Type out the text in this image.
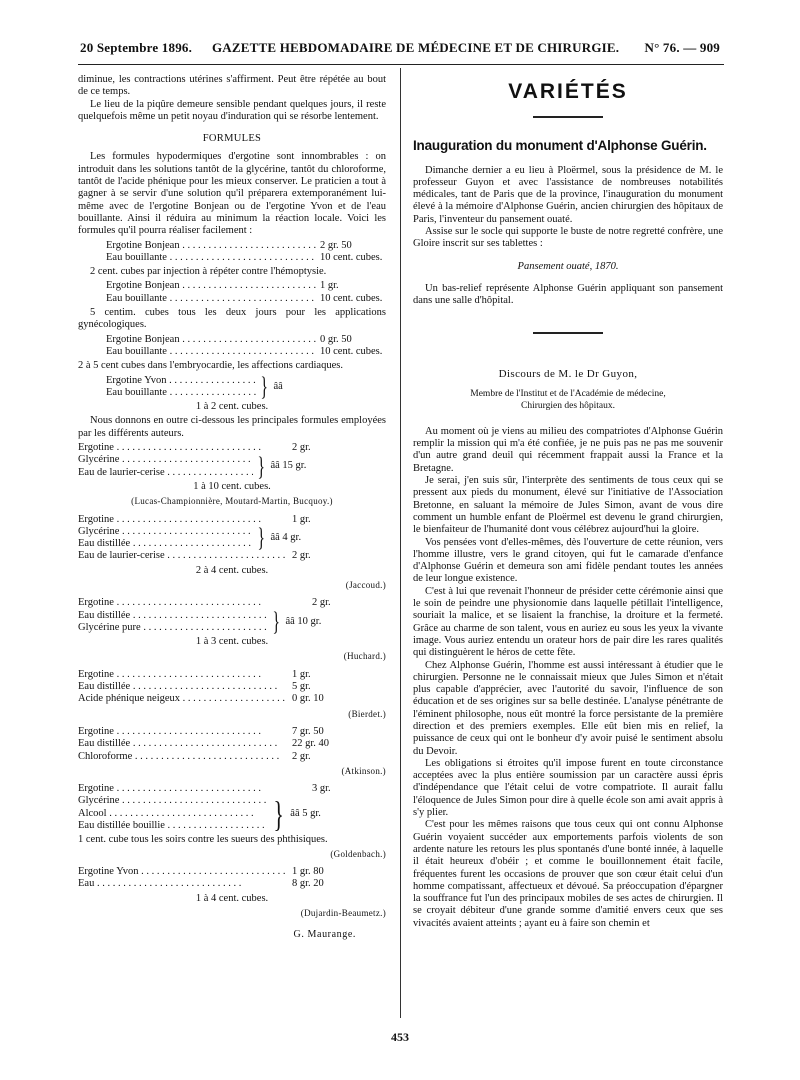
20 Septembre 1896. GAZETTE HEBDOMADAIRE DE MÉDECINE ET DE CHIRURGIE. N° 76. — 909

diminue, les contractions utérines s'affirment. Peut être répétée au bout de ce temps.

Le lieu de la piqûre demeure sensible pendant quelques jours, il reste quelquefois même un petit noyau d'induration qui se résorbe lentement.

FORMULES

Les formules hypodermiques d'ergotine sont innombrables : on introduit dans les solutions tantôt de la glycérine, tantôt du chloroforme, tantôt de l'acide phénique pour les mieux conserver. Le praticien a tout à gagner à se servir d'une solution qu'il préparera extemporanément lui-même avec de l'ergotine Bonjean ou de l'ergotine Yvon et de l'eau bouillante. Ainsi il réduira au minimum la réaction locale. Voici les formules qu'il pourra réaliser facilement :

Ergotine Bonjean . . .	2 gr. 50
Eau bouillante . . .	10 cent. cubes.

2 cent. cubes par injection à répéter contre l'hémoptysie.

Ergotine Bonjean . . .	1 gr.
Eau bouillante . . .	10 cent. cubes.

5 centim. cubes tous les deux jours pour les applications gynécologiques.

Ergotine Bonjean . . .	0 gr. 50
Eau bouillante . . .	10 cent. cubes.

2 à 5 cent cubes dans l'embryocardie, les affections cardiaques.

Ergotine Yvon . . .
Eau bouillante . . .	} ââ
1 à 2 cent. cubes.

Nous donnons en outre ci-dessous les principales formules employées par les différents auteurs.

Ergotine . . .	2 gr.
Glycérine . . .
Eau de laurier-cerise . . .	} ââ 15 gr.
1 à 10 cent. cubes.
(Lucas-Championnière, Moutard-Martin, Bucquoy.)
Ergotine . . .	1 gr.
Glycérine . . .
Eau distillée . . .	} ââ 4 gr.
Eau de laurier-cerise . . .	2 gr.
2 à 4 cent. cubes.
(Jaccoud.)
Ergotine . . .	2 gr.
Eau distillée . . .
Glycérine pure . . .	} ââ 10 gr.
1 à 3 cent. cubes.
(Huchard.)
Ergotine . . .	1 gr.
Eau distillée . . .	5 gr.
Acide phénique neigeux . . .	0 gr. 10
(Bierdet.)
Ergotine . . .	7 gr. 50
Eau distillée . . .	22 gr. 40
Chloroforme . . .	2 gr.
(Atkinson.)
Ergotine . . .	3 gr.
Glycérine . . .
Alcool . . .
Eau distillée bouillie . . .	} ââ 5 gr.

1 cent. cube tous les soirs contre les sueurs des phthisiques.

(Goldenbach.)
Ergotine Yvon . . .	1 gr. 80
Eau . . .	8 gr. 20
1 à 4 cent. cubes.
(Dujardin-Beaumetz.)
G. Maurange.
VARIÉTÉS
Inauguration du monument d'Alphonse Guérin.

Dimanche dernier a eu lieu à Ploërmel, sous la présidence de M. le professeur Guyon et avec l'assistance de nombreuses notabilités médicales, tant de Paris que de la province, l'inauguration du monument élevé à la mémoire d'Alphonse Guérin, ancien chirurgien des hôpitaux de Paris, l'inventeur du pansement ouaté.

Assise sur le socle qui supporte le buste de notre regretté confrère, une Gloire inscrit sur ses tablettes :

Pansement ouaté, 1870.

Un bas-relief représente Alphonse Guérin appliquant son pansement dans une salle d'hôpital.

Discours de M. le Dr Guyon,
Membre de l'Institut et de l'Académie de médecine,
Chirurgien des hôpitaux.

Au moment où je viens au milieu des compatriotes d'Alphonse Guérin remplir la mission qui m'a été confiée, je ne puis pas ne pas me souvenir d'un autre grand deuil qui récemment frappait aussi la France et la Bretagne.

Je serai, j'en suis sûr, l'interprète des sentiments de tous ceux qui se pressent aux pieds du monument, élevé sur l'initiative de l'Association Bretonne, en saluant la mémoire de Jules Simon, avant de vous dire comment un humble enfant de Ploërmel est devenu le grand chirurgien, le bienfaiteur de l'humanité dont vous célébrez aujourd'hui la gloire.

Vos pensées vont d'elles-mêmes, dès l'ouverture de cette réunion, vers l'homme illustre, vers le grand citoyen, qui fut le camarade d'enfance d'Alphonse Guérin et demeura son ami fidèle pendant toutes les années de leur longue existence.

C'est à lui que revenait l'honneur de présider cette cérémonie ainsi que le soin de peindre une physionomie dans laquelle pétillait l'intelligence, souriait la malice, et se lisaient la franchise, la droiture et la fermeté. Grâce au charme de son talent, vous en auriez eu sous les yeux la vivante image. Vous auriez entendu un orateur hors de pair dire les rares qualités qui distinguèrent le héros de cette fête.

Chez Alphonse Guérin, l'homme est aussi intéressant à étudier que le chirurgien. Personne ne le connaissait mieux que Jules Simon et n'était plus capable d'apprécier, avec l'autorité du savoir, l'influence de son éducation et de ses origines sur sa belle destinée. L'analyse pénétrante de l'éminent philosophe, nous eût montré la force persistante de la première direction et des premiers exemples. Elle eût bien mis en relief, la puissance de ceux qui ont le bonheur d'y avoir puisé le sentiment absolu du Devoir.

Les obligations si étroites qu'il impose furent en toute circonstance acceptées avec la plus entière soumission par un caractère aussi épris d'indépendance que l'était celui de votre compatriote. Il aurait fallu l'éloquence de Jules Simon pour dire à quelle école son ami avait appris à s'y plier.

C'est pour les mêmes raisons que tous ceux qui ont connu Alphonse Guérin voyaient succéder aux emportements parfois violents de son ardente nature les retours les plus spontanés d'une bonté innée, à laquelle il était heureux d'obéir ; et comme le bouillonnement était facile, fréquentes furent les occasions de prouver que son cœur était celui d'un homme compatissant, affectueux et dévoué. Sa préoccupation d'épargner la souffrance fut l'un des principaux mobiles de ses actes de chirurgien. Il se croyait débiteur d'une grande somme d'amitié envers ceux que ses vivacités avaient atteints ; ayant eu à faire son chemin et

453
